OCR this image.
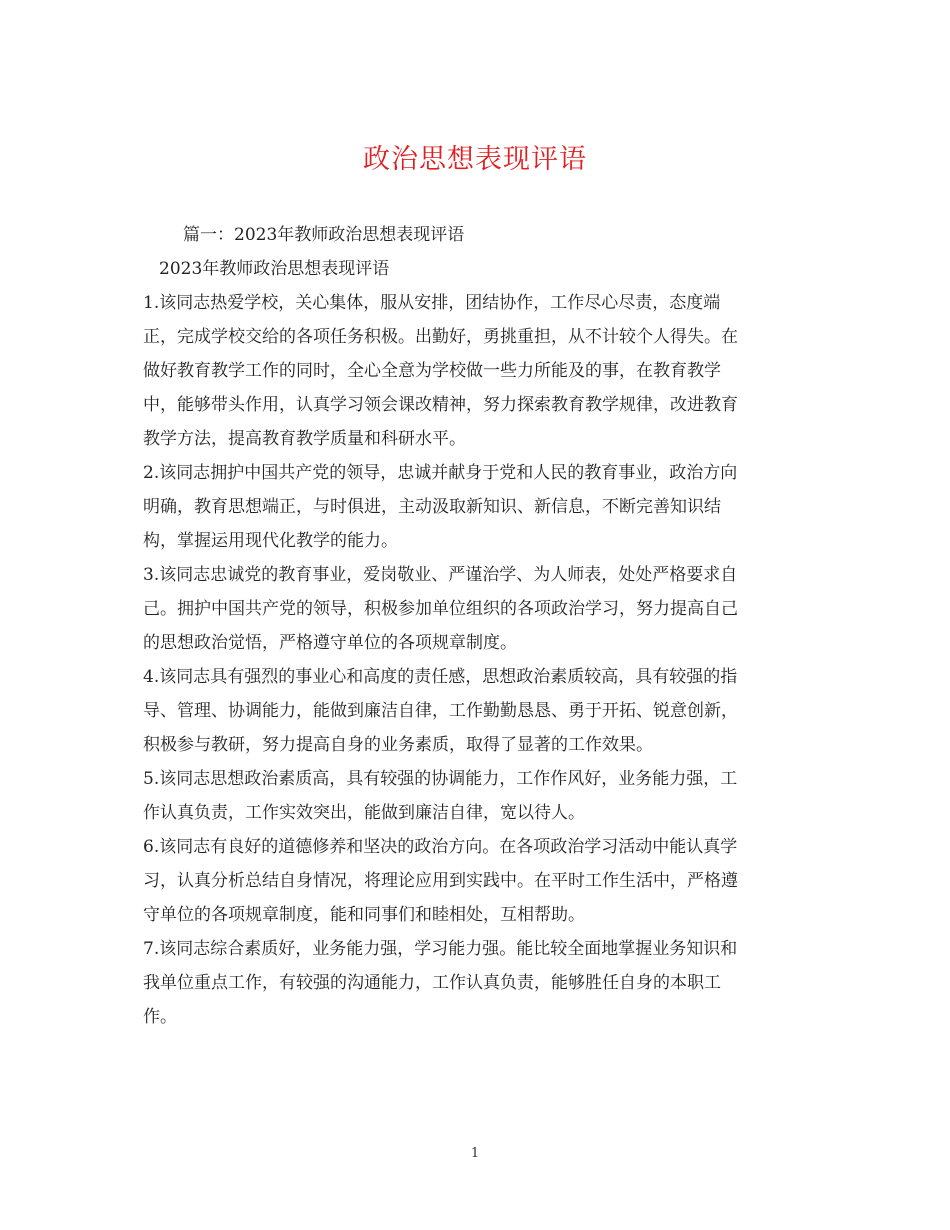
政治思想表现评语
篇一：2023年教师政治思想表现评语
2023年教师政治思想表现评语
1.该同志热爱学校，关心集体，服从安排，团结协作，工作尽心尽责，态度端
正，完成学校交给的各项任务积极。出勤好，勇挑重担，从不计较个人得失。在
做好教育教学工作的同时，全心全意为学校做一些力所能及的事，在教育教学
中，能够带头作用，认真学习领会课改精神，努力探索教育教学规律，改进教育
教学方法，提高教育教学质量和科研水平。
2.该同志拥护中国共产党的领导，忠诚并献身于党和人民的教育事业，政治方向
明确，教育思想端正，与时俱进，主动汲取新知识、新信息，不断完善知识结
构，掌握运用现代化教学的能力。
3.该同志忠诚党的教育事业，爱岗敬业、严谨治学、为人师表，处处严格要求自
己。拥护中国共产党的领导，积极参加单位组织的各项政治学习，努力提高自己
的思想政治觉悟，严格遵守单位的各项规章制度。
4.该同志具有强烈的事业心和高度的责任感，思想政治素质较高，具有较强的指
导、管理、协调能力，能做到廉洁自律，工作勤勤恳恳、勇于开拓、锐意创新，
积极参与教研，努力提高自身的业务素质，取得了显著的工作效果。
5.该同志思想政治素质高，具有较强的协调能力，工作作风好，业务能力强，工
作认真负责，工作实效突出，能做到廉洁自律，宽以待人。
6.该同志有良好的道德修养和坚决的政治方向。在各项政治学习活动中能认真学
习，认真分析总结自身情况，将理论应用到实践中。在平时工作生活中，严格遵
守单位的各项规章制度，能和同事们和睦相处，互相帮助。
7.该同志综合素质好，业务能力强，学习能力强。能比较全面地掌握业务知识和
我单位重点工作，有较强的沟通能力，工作认真负责，能够胜任自身的本职工
作。
1
